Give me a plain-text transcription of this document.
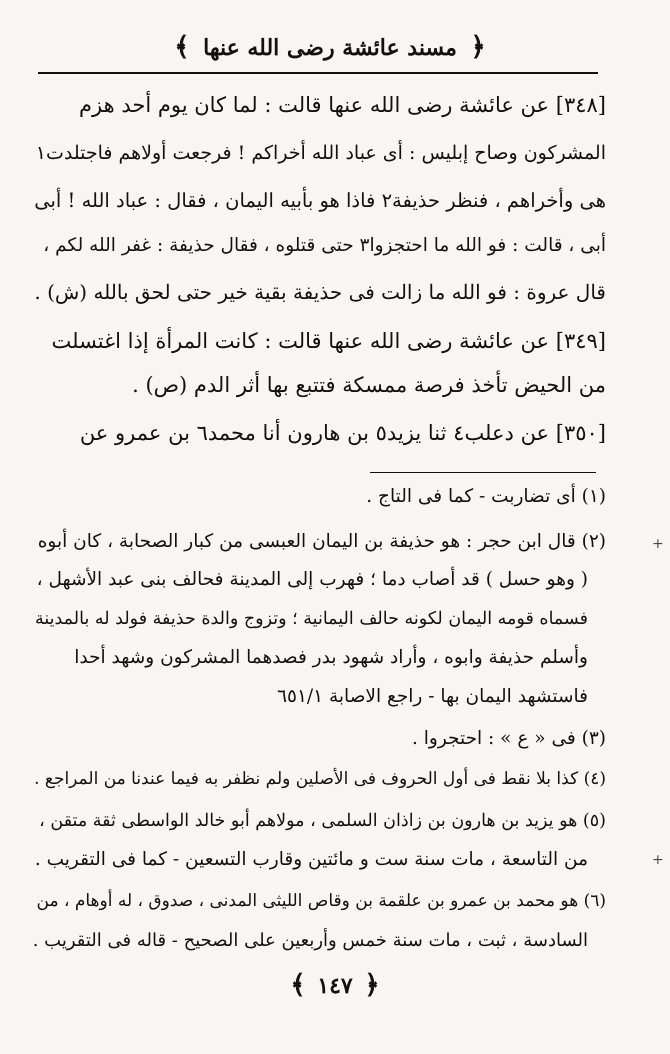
﴿ مسند عائشة رضى الله عنها ﴾
[٣٤٨] عن عائشة رضى الله عنها قالت : لما كان يوم أحد هزم
المشركون وصاح إبليس : أى عباد الله أخراكم ! فرجعت أولاهم فاجتلدت١
هى وأخراهم ، فنظر حذيفة٢ فاذا هو بأبيه اليمان ، فقال : عباد الله ! أبى
أبى ، قالت : فو الله ما احتجزوا٣ حتى قتلوه ، فقال حذيفة : غفر الله لكم ،
قال عروة : فو الله ما زالت فى حذيفة بقية خير حتى لحق بالله (ش) .
[٣٤٩] عن عائشة رضى الله عنها قالت : كانت المرأة إذا اغتسلت
من الحيض تأخذ فرصة ممسكة فتتبع بها أثر الدم (ص) .
[٣٥٠] عن دعلب٤ ثنا يزيد٥ بن هارون أنا محمد٦ بن عمرو عن
(١) أى تضاربت - كما فى التاج .
(٢) قال ابن حجر : هو حذيفة بن اليمان العبسى من كبار الصحابة ، كان أبوه
( وهو حسل ) قد أصاب دما ؛ فهرب إلى المدينة فحالف بنى عبد الأشهل ،
فسماه قومه اليمان لكونه حالف اليمانية ؛ وتزوج والدة حذيفة فولد له بالمدينة
وأسلم حذيفة وابوه ، وأراد شهود بدر فصدهما المشركون وشهد أحدا
فاستشهد اليمان بها - راجع الاصابة ٦٥١/١
(٣) فى « ع » : احتجروا .
(٤) كذا بلا نقط فى أول الحروف فى الأصلين ولم نظفر به فيما عندنا من المراجع .
(٥) هو يزيد بن هارون بن زاذان السلمى ، مولاهم أبو خالد الواسطى ثقة متقن ،
من التاسعة ، مات سنة ست و مائتين وقارب التسعين - كما فى التقريب .
(٦) هو محمد بن عمرو بن علقمة بن وقاص الليثى المدنى ، صدوق ، له أوهام ، من
السادسة ، ثبت ، مات سنة خمس وأربعين على الصحيح - قاله فى التقريب .
﴿ ١٤٧ ﴾
+
+
